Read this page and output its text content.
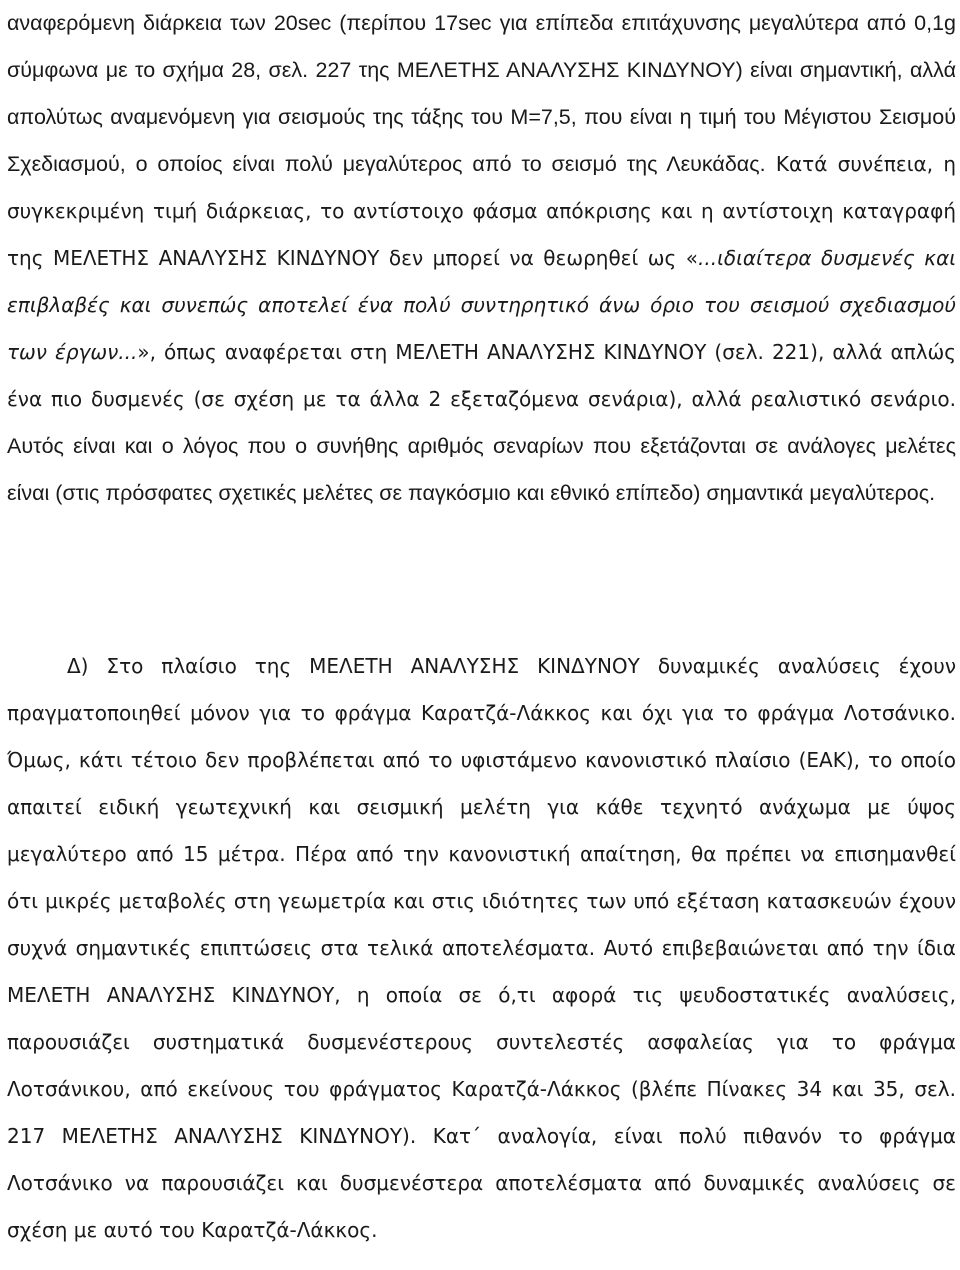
αναφερόμενη διάρκεια των 20sec (περίπου 17sec για επίπεδα επιτάχυνσης μεγαλύτερα από 0,1g σύμφωνα με το σχήμα 28, σελ. 227 της ΜΕΛΕΤΗΣ ΑΝΑΛΥΣΗΣ ΚΙΝΔΥΝΟΥ) είναι σημαντική, αλλά απολύτως αναμενόμενη για σεισμούς της τάξης του M=7,5, που είναι η τιμή του Μέγιστου Σεισμού Σχεδιασμού, ο οποίος είναι πολύ μεγαλύτερος από το σεισμό της Λευκάδας. Κατά συνέπεια, η συγκεκριμένη τιμή διάρκειας, το αντίστοιχο φάσμα απόκρισης και η αντίστοιχη καταγραφή της ΜΕΛΕΤΗΣ ΑΝΑΛΥΣΗΣ ΚΙΝΔΥΝΟΥ δεν μπορεί να θεωρηθεί ως «...ιδιαίτερα δυσμενές και επιβλαβές και συνεπώς αποτελεί ένα πολύ συντηρητικό άνω όριο του σεισμού σχεδιασμού των έργων...», όπως αναφέρεται στη ΜΕΛΕΤΗ ΑΝΑΛΥΣΗΣ ΚΙΝΔΥΝΟΥ (σελ. 221), αλλά απλώς ένα πιο δυσμενές (σε σχέση με τα άλλα 2 εξεταζόμενα σενάρια), αλλά ρεαλιστικό σενάριο. Αυτός είναι και ο λόγος που ο συνήθης αριθμός σεναρίων που εξετάζονται σε ανάλογες μελέτες είναι (στις πρόσφατες σχετικές μελέτες σε παγκόσμιο και εθνικό επίπεδο) σημαντικά μεγαλύτερος.

Δ) Στο πλαίσιο της ΜΕΛΕΤΗ ΑΝΑΛΥΣΗΣ ΚΙΝΔΥΝΟΥ δυναμικές αναλύσεις έχουν πραγματοποιηθεί μόνον για το φράγμα Καρατζά-Λάκκος και όχι για το φράγμα Λοτσάνικο. Όμως, κάτι τέτοιο δεν προβλέπεται από το υφιστάμενο κανονιστικό πλαίσιο (ΕΑΚ), το οποίο απαιτεί ειδική γεωτεχνική και σεισμική μελέτη για κάθε τεχνητό ανάχωμα με ύψος μεγαλύτερο από 15 μέτρα. Πέρα από την κανονιστική απαίτηση, θα πρέπει να επισημανθεί ότι μικρές μεταβολές στη γεωμετρία και στις ιδιότητες των υπό εξέταση κατασκευών έχουν συχνά σημαντικές επιπτώσεις στα τελικά αποτελέσματα. Αυτό επιβεβαιώνεται από την ίδια ΜΕΛΕΤΗ ΑΝΑΛΥΣΗΣ ΚΙΝΔΥΝΟΥ, η οποία σε ό,τι αφορά τις ψευδοστατικές αναλύσεις, παρουσιάζει συστηματικά δυσμενέστερους συντελεστές ασφαλείας για το φράγμα Λοτσάνικου, από εκείνους του φράγματος Καρατζά-Λάκκος (βλέπε Πίνακες 34 και 35, σελ. 217 ΜΕΛΕΤΗΣ ΑΝΑΛΥΣΗΣ ΚΙΝΔΥΝΟΥ). Κατ΄ αναλογία, είναι πολύ πιθανόν το φράγμα Λοτσάνικο να παρουσιάζει και δυσμενέστερα αποτελέσματα από δυναμικές αναλύσεις σε σχέση με αυτό του Καρατζά-Λάκκος.
